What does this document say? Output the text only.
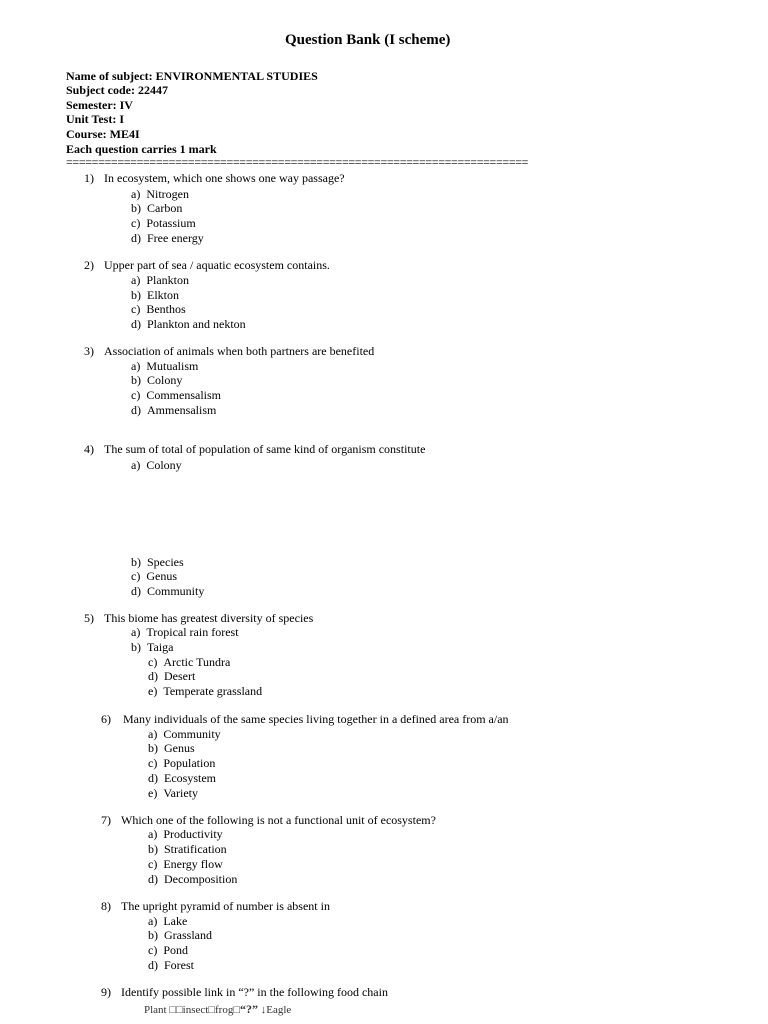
Question Bank (I scheme)
Name of subject: ENVIRONMENTAL STUDIES
Subject code: 22447
Semester: IV
Unit Test: I
Course: ME4I
Each question carries 1 mark
========================================================================
1) In ecosystem, which one shows one way passage?
a) Nitrogen
b) Carbon
c) Potassium
d) Free energy
2) Upper part of sea / aquatic ecosystem contains.
a) Plankton
b) Elkton
c) Benthos
d) Plankton and nekton
3) Association of animals when both partners are benefited
a) Mutualism
b) Colony
c) Commensalism
d) Ammensalism
4) The sum of total of population of same kind of organism constitute
a) Colony
b) Species
c) Genus
d) Community
5) This biome has greatest diversity of species
a) Tropical rain forest
b) Taiga
c) Arctic Tundra
d) Desert
e) Temperate grassland
6) Many individuals of the same species living together in a defined area from a/an
a) Community
b) Genus
c) Population
d) Ecosystem
e) Variety
7) Which one of the following is not a functional unit of ecosystem?
a) Productivity
b) Stratification
c) Energy flow
d) Decomposition
8) The upright pyramid of number is absent in
a) Lake
b) Grassland
c) Pond
d) Forest
9) Identify possible link in “?” in the following food chain
Plant □□insect□frog□“?” ↓Eagle
